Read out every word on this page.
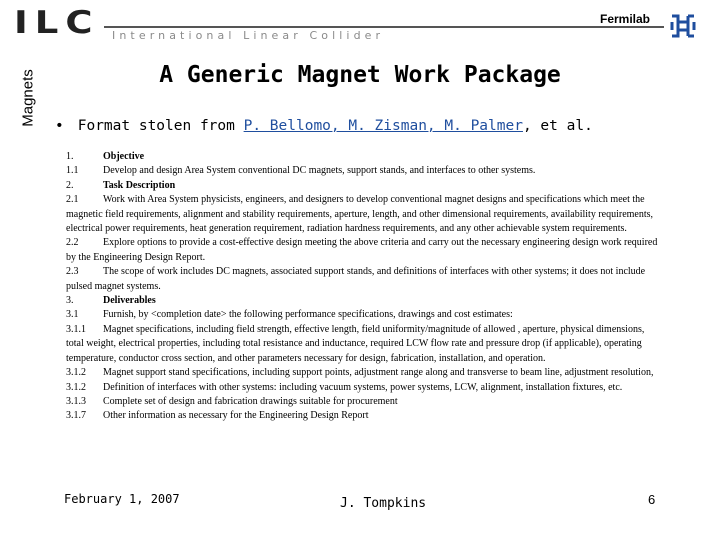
ILC International Linear Collider
Fermilab
Magnets	A Generic Magnet Work Package
• Format stolen from P. Bellomo, M. Zisman, M. Palmer, et al.
1.	Objective
1.1 Develop and design Area System conventional DC magnets, support stands, and interfaces to other systems.
2.	Task Description
2.1 Work with Area System physicists, engineers, and designers to develop conventional magnet designs and specifications which meet the magnetic field requirements, alignment and stability requirements, aperture, length, and other dimensional requirements, availability requirements, electrical power requirements, heat generation requirement, radiation hardness requirements, and any other achievable system requirements.
2.2 Explore options to provide a cost-effective design meeting the above criteria and carry out the necessary engineering design work required by the Engineering Design Report.
2.3 The scope of work includes DC magnets, associated support stands, and definitions of interfaces with other systems; it does not include pulsed magnet systems.
3.	Deliverables
3.1 Furnish, by <completion date> the following performance specifications, drawings and cost estimates:
3.1.1 Magnet specifications, including field strength, effective length, field uniformity/magnitude of allowed , aperture, physical dimensions, total weight, electrical properties, including total resistance and inductance, required LCW flow rate and pressure drop (if applicable), operating temperature, conductor cross section, and other parameters necessary for design, fabrication, installation, and operation.
3.1.2 Magnet support stand specifications, including support points, adjustment range along and transverse to beam line, adjustment resolution,
3.1.2 Definition of interfaces with other systems: including vacuum systems, power systems, LCW, alignment, installation fixtures, etc.
3.1.3 Complete set of design and fabrication drawings suitable for procurement
3.1.7 Other information as necessary for the Engineering Design Report
February 1, 2007	J. Tompkins	6
